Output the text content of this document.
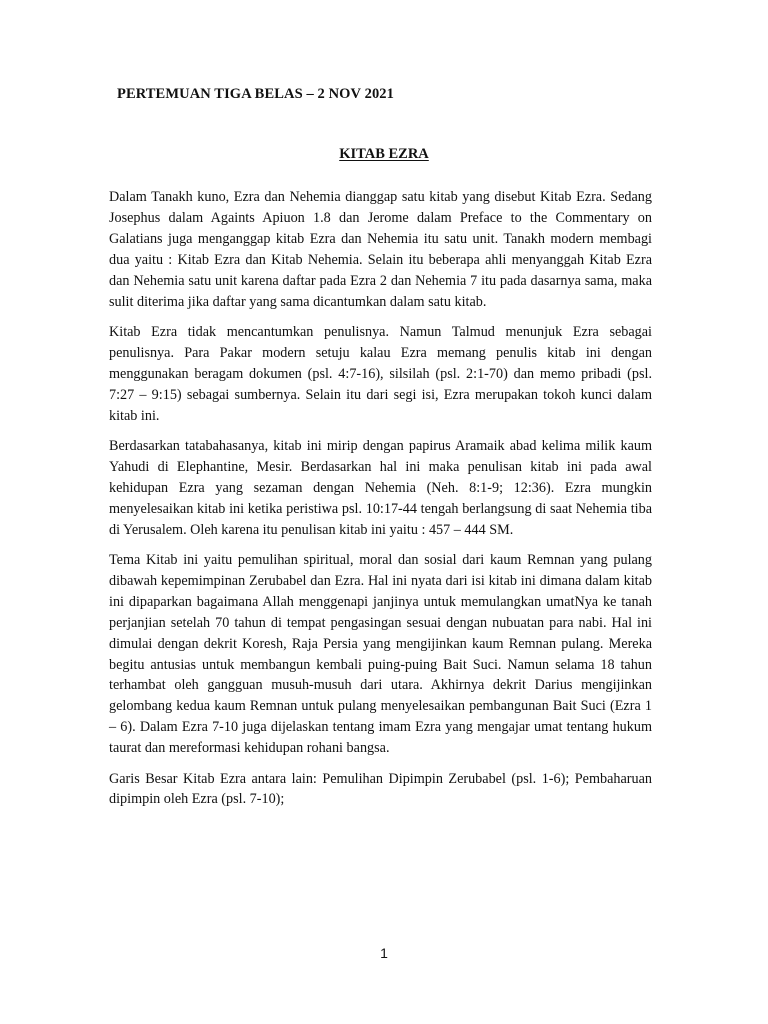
PERTEMUAN TIGA BELAS – 2 NOV 2021
KITAB EZRA

Dalam Tanakh kuno, Ezra dan Nehemia dianggap satu kitab yang disebut Kitab Ezra. Sedang Josephus dalam Againts Apiuon 1.8 dan Jerome dalam Preface to the Commentary on Galatians juga menganggap kitab Ezra dan Nehemia itu satu unit. Tanakh modern membagi dua yaitu : Kitab Ezra dan Kitab Nehemia. Selain itu beberapa ahli menyanggah Kitab Ezra dan Nehemia satu unit karena daftar pada Ezra 2 dan Nehemia 7 itu pada dasarnya sama, maka sulit diterima jika daftar yang sama dicantumkan dalam satu kitab.

Kitab Ezra tidak mencantumkan penulisnya. Namun Talmud menunjuk Ezra sebagai penulisnya. Para Pakar modern setuju kalau Ezra memang penulis kitab ini dengan menggunakan beragam dokumen (psl. 4:7-16), silsilah (psl. 2:1-70) dan memo pribadi (psl. 7:27 – 9:15) sebagai sumbernya. Selain itu dari segi isi, Ezra merupakan tokoh kunci dalam kitab ini.

Berdasarkan tatabahasanya, kitab ini mirip dengan papirus Aramaik abad kelima milik kaum Yahudi di Elephantine, Mesir. Berdasarkan hal ini maka penulisan kitab ini pada awal kehidupan Ezra yang sezaman dengan Nehemia (Neh. 8:1-9; 12:36). Ezra mungkin menyelesaikan kitab ini ketika peristiwa psl. 10:17-44 tengah berlangsung di saat Nehemia tiba di Yerusalem. Oleh karena itu penulisan kitab ini yaitu : 457 – 444 SM.

Tema Kitab ini yaitu pemulihan spiritual, moral dan sosial dari kaum Remnan yang pulang dibawah kepemimpinan Zerubabel dan Ezra. Hal ini nyata dari isi kitab ini dimana dalam kitab ini dipaparkan bagaimana Allah menggenapi janjinya untuk memulangkan umatNya ke tanah perjanjian setelah 70 tahun di tempat pengasingan sesuai dengan nubuatan para nabi. Hal ini dimulai dengan dekrit Koresh, Raja Persia yang mengijinkan kaum Remnan pulang. Mereka begitu antusias untuk membangun kembali puing-puing Bait Suci. Namun selama 18 tahun terhambat oleh gangguan musuh-musuh dari utara. Akhirnya dekrit Darius mengijinkan gelombang kedua kaum Remnan untuk pulang menyelesaikan pembangunan Bait Suci (Ezra 1 – 6). Dalam Ezra 7-10 juga dijelaskan tentang imam Ezra yang mengajar umat tentang hukum taurat dan mereformasi kehidupan rohani bangsa.

Garis Besar Kitab Ezra antara lain: Pemulihan Dipimpin Zerubabel (psl. 1-6); Pembaharuan dipimpin oleh Ezra (psl. 7-10);

1
